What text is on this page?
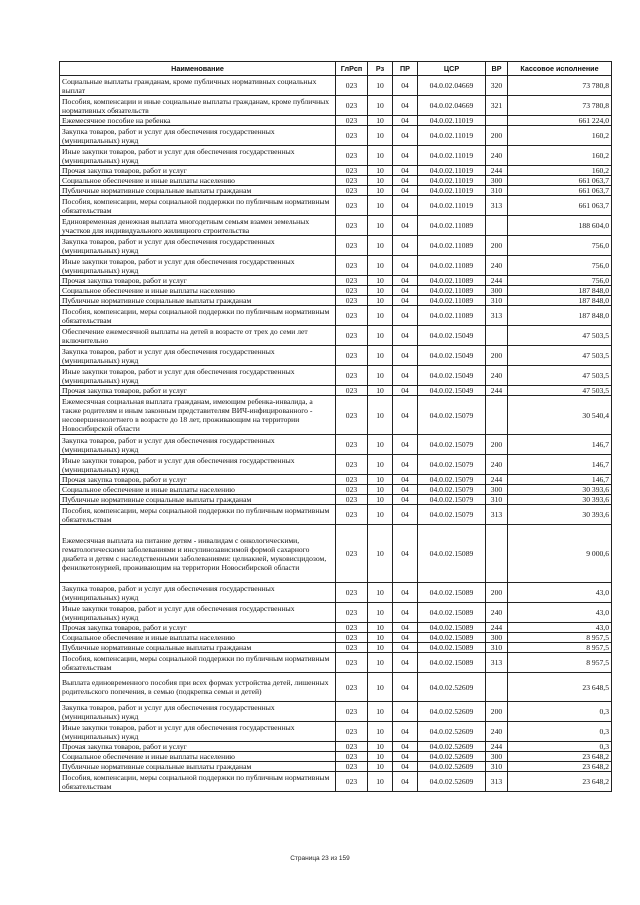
Наименование	ГлРсп	Рз	ПР	ЦСР	ВР	Кассовое исполнение
Социальные выплаты гражданам, кроме публичных нормативных социальных выплат	023	10	04	04.0.02.04669	320	73 780,8
Пособия, компенсации и иные социальные выплаты гражданам, кроме публичных нормативных обязательств	023	10	04	04.0.02.04669	321	73 780,8
Ежемесячное пособие на ребенка	023	10	04	04.0.02.11019		661 224,0
Закупка товаров, работ и услуг для обеспечения государственных (муниципальных) нужд	023	10	04	04.0.02.11019	200	160,2
Иные закупки товаров, работ и услуг для обеспечения государственных (муниципальных) нужд	023	10	04	04.0.02.11019	240	160,2
Прочая закупка товаров, работ и услуг	023	10	04	04.0.02.11019	244	160,2
Социальное обеспечение и иные выплаты населению	023	10	04	04.0.02.11019	300	661 063,7
Публичные нормативные социальные выплаты гражданам	023	10	04	04.0.02.11019	310	661 063,7
Пособия, компенсации, меры социальной поддержки по публичным нормативным обязательствам	023	10	04	04.0.02.11019	313	661 063,7
Единовременная денежная выплата многодетным семьям взамен земельных участков для индивидуального жилищного строительства	023	10	04	04.0.02.11089		188 604,0
Закупка товаров, работ и услуг для обеспечения государственных (муниципальных) нужд	023	10	04	04.0.02.11089	200	756,0
Иные закупки товаров, работ и услуг для обеспечения государственных (муниципальных) нужд	023	10	04	04.0.02.11089	240	756,0
Прочая закупка товаров, работ и услуг	023	10	04	04.0.02.11089	244	756,0
Социальное обеспечение и иные выплаты населению	023	10	04	04.0.02.11089	300	187 848,0
Публичные нормативные социальные выплаты гражданам	023	10	04	04.0.02.11089	310	187 848,0
Пособия, компенсации, меры социальной поддержки по публичным нормативным обязательствам	023	10	04	04.0.02.11089	313	187 848,0
Обеспечение ежемесячной выплаты на детей в возрасте от трех до семи лет включительно	023	10	04	04.0.02.15049		47 503,5
Закупка товаров, работ и услуг для обеспечения государственных (муниципальных) нужд	023	10	04	04.0.02.15049	200	47 503,5
Иные закупки товаров, работ и услуг для обеспечения государственных (муниципальных) нужд	023	10	04	04.0.02.15049	240	47 503,5
Прочая закупка товаров, работ и услуг	023	10	04	04.0.02.15049	244	47 503,5
Ежемесячная социальная выплата гражданам, имеющим ребенка-инвалида, а также родителям и иным законным представителям ВИЧ-инфицированного - несовершеннолетнего в возрасте до 18 лет, проживающим на территории Новосибирской области	023	10	04	04.0.02.15079		30 540,4
Закупка товаров, работ и услуг для обеспечения государственных (муниципальных) нужд	023	10	04	04.0.02.15079	200	146,7
Иные закупки товаров, работ и услуг для обеспечения государственных (муниципальных) нужд	023	10	04	04.0.02.15079	240	146,7
Прочая закупка товаров, работ и услуг	023	10	04	04.0.02.15079	244	146,7
Социальное обеспечение и иные выплаты населению	023	10	04	04.0.02.15079	300	30 393,6
Публичные нормативные социальные выплаты гражданам	023	10	04	04.0.02.15079	310	30 393,6
Пособия, компенсации, меры социальной поддержки по публичным нормативным обязательствам	023	10	04	04.0.02.15079	313	30 393,6
Ежемесячная выплата на питание детям - инвалидам с онкологическими, гематологическими заболеваниями и инсулинозависимой формой сахарного диабета и детям с наследственными заболеваниями: целиакией, муковисцидозом, фенилкетонурией, проживающим на территории Новосибирской области	023	10	04	04.0.02.15089		9 000,6
Закупка товаров, работ и услуг для обеспечения государственных (муниципальных) нужд	023	10	04	04.0.02.15089	200	43,0
Иные закупки товаров, работ и услуг для обеспечения государственных (муниципальных) нужд	023	10	04	04.0.02.15089	240	43,0
Прочая закупка товаров, работ и услуг	023	10	04	04.0.02.15089	244	43,0
Социальное обеспечение и иные выплаты населению	023	10	04	04.0.02.15089	300	8 957,5
Публичные нормативные социальные выплаты гражданам	023	10	04	04.0.02.15089	310	8 957,5
Пособия, компенсации, меры социальной поддержки по публичным нормативным обязательствам	023	10	04	04.0.02.15089	313	8 957,5
Выплата единовременного пособия при всех формах устройства детей, лишенных родительского попечения, в семью (подкрепка семьи и детей)	023	10	04	04.0.02.52609		23 648,5
Закупка товаров, работ и услуг для обеспечения государственных (муниципальных) нужд	023	10	04	04.0.02.52609	200	0,3
Иные закупки товаров, работ и услуг для обеспечения государственных (муниципальных) нужд	023	10	04	04.0.02.52609	240	0,3
Прочая закупка товаров, работ и услуг	023	10	04	04.0.02.52609	244	0,3
Социальное обеспечение и иные выплаты населению	023	10	04	04.0.02.52609	300	23 648,2
Публичные нормативные социальные выплаты гражданам	023	10	04	04.0.02.52609	310	23 648,2
Пособия, компенсации, меры социальной поддержки по публичным нормативным обязательствам	023	10	04	04.0.02.52609	313	23 648,2
Страница 23 из 159
